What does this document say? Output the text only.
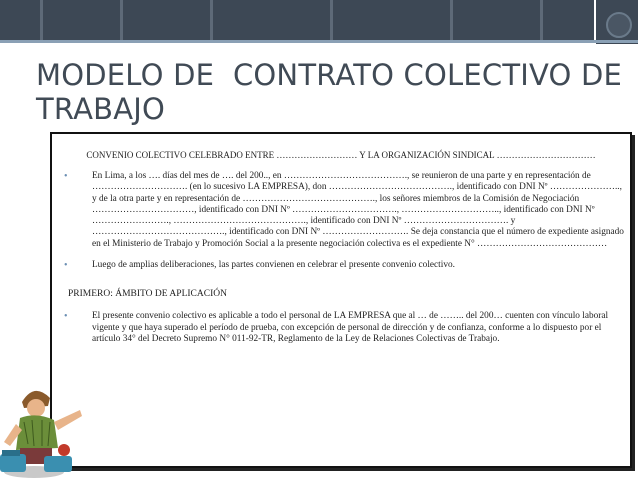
MODELO DE  CONTRATO COLECTIVO DE TRABAJO
CONVENIO COLECTIVO CELEBRADO ENTRE ……………………… Y LA ORGANIZACIÓN SINDICAL ……………………………
•	En Lima, a los …. días del mes de …. del 200.., en …………………………………., se reunieron de una parte y en representación de …………………………. (en lo sucesivo LA EMPRESA), don …………………………………., identificado con DNI Nº ………………….., y de la otra parte y en representación de ……………………………………., los señores miembros de la Comisión de Negociación ……………………………, identificado con DNI Nº ……………………………., ………………………….., identificado con DNI Nº ……………………., ……………………………………., identificado con DNI Nº ……………………………. y ……………………………………., identificado con DNI Nº ………………………. Se deja constancia que el número de expediente asignado en el Ministerio de Trabajo y Promoción Social a la presente negociación colectiva es el expediente N° ……………………………………
•	Luego de amplias deliberaciones, las partes convienen en celebrar el presente convenio colectivo.
PRIMERO: ÁMBITO DE APLICACIÓN
•	El presente convenio colectivo es aplicable a todo el personal de LA EMPRESA que al … de …….. del 200… cuenten con vínculo laboral vigente y que haya superado el período de prueba, con excepción de personal de dirección y de confianza, conforme a lo dispuesto por el artículo 34° del Decreto Supremo N° 011-92-TR, Reglamento de la Ley de Relaciones Colectivas de Trabajo.
